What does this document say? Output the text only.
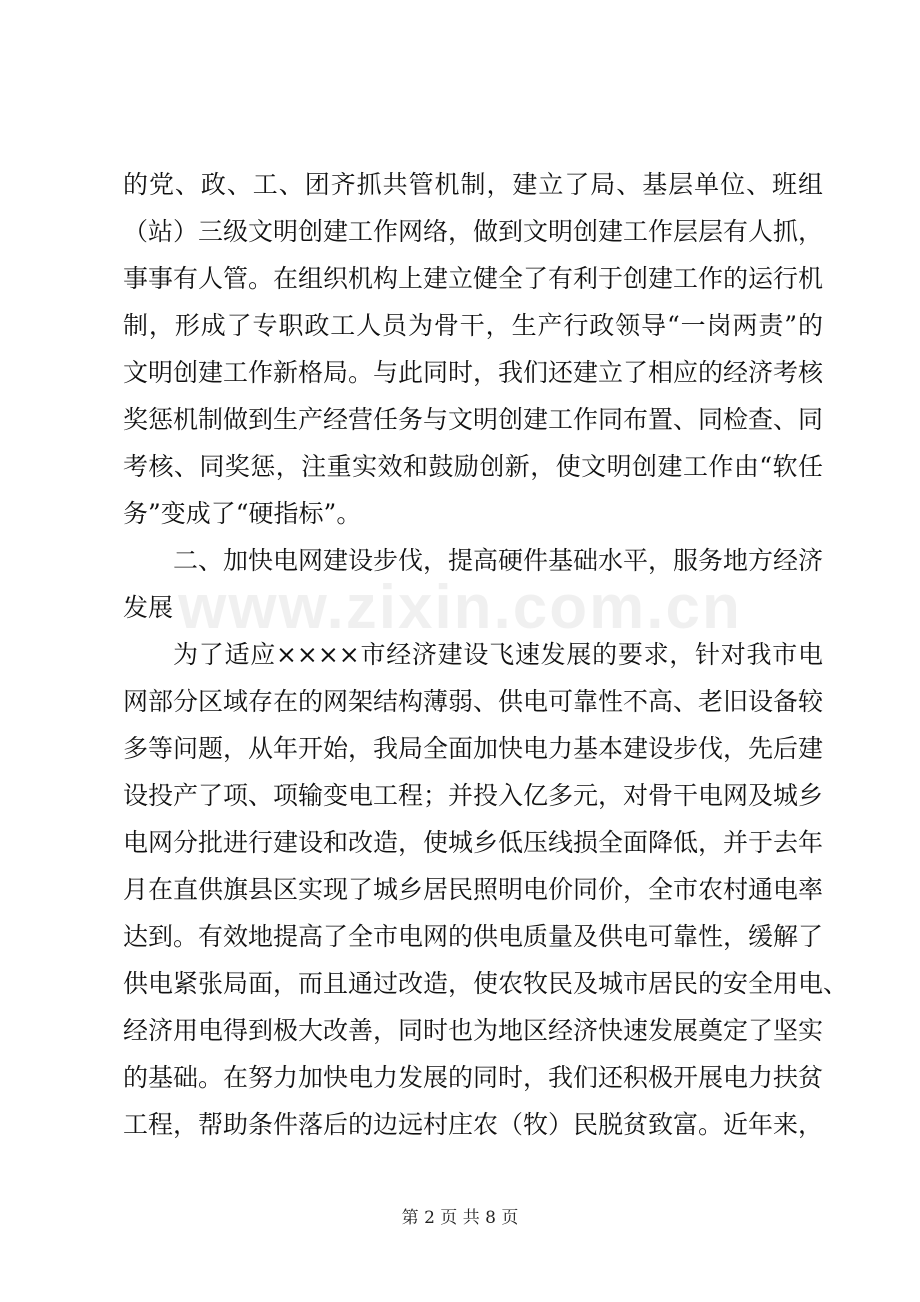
www.zixin.com.cn
的党、政、工、团齐抓共管机制，建立了局、基层单位、班组
（站）三级文明创建工作网络，做到文明创建工作层层有人抓，
事事有人管。在组织机构上建立健全了有利于创建工作的运行机
制，形成了专职政工人员为骨干，生产行政领导“一岗两责”的
文明创建工作新格局。与此同时，我们还建立了相应的经济考核
奖惩机制做到生产经营任务与文明创建工作同布置、同检查、同
考核、同奖惩，注重实效和鼓励创新，使文明创建工作由“软任
务”变成了“硬指标”。
二、加快电网建设步伐，提高硬件基础水平，服务地方经济
发展
为了适应××××市经济建设飞速发展的要求，针对我市电
网部分区域存在的网架结构薄弱、供电可靠性不高、老旧设备较
多等问题，从年开始，我局全面加快电力基本建设步伐，先后建
设投产了项、项输变电工程；并投入亿多元，对骨干电网及城乡
电网分批进行建设和改造，使城乡低压线损全面降低，并于去年
月在直供旗县区实现了城乡居民照明电价同价，全市农村通电率
达到。有效地提高了全市电网的供电质量及供电可靠性，缓解了
供电紧张局面，而且通过改造，使农牧民及城市居民的安全用电、
经济用电得到极大改善，同时也为地区经济快速发展奠定了坚实
的基础。在努力加快电力发展的同时，我们还积极开展电力扶贫
工程，帮助条件落后的边远村庄农（牧）民脱贫致富。近年来，
第 2 页 共 8 页
